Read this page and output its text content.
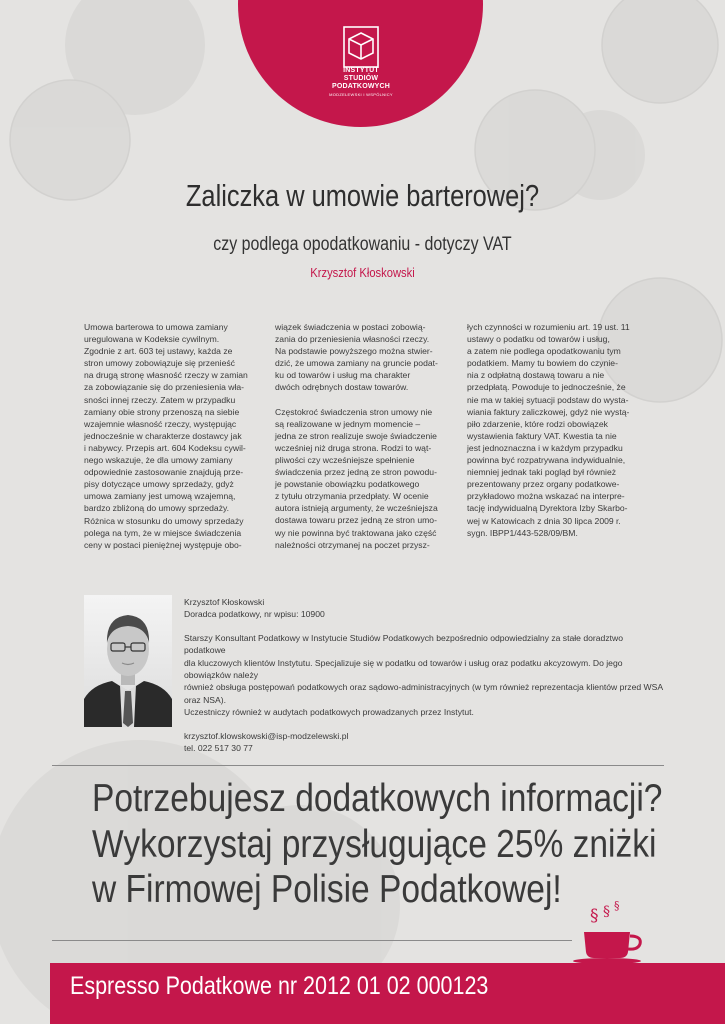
INSTYTUT
STUDIÓW
PODATKOWYCH
MODZELEWSKI I WSPÓLNICY
Zaliczka w umowie barterowej?
czy podlega opodatkowaniu - dotyczy VAT
Krzysztof Kłoskowski

Umowa barterowa to umowa zamiany
uregulowana w Kodeksie cywilnym.
Zgodnie z art. 603 tej ustawy, każda ze
stron umowy zobowiązuje się przenieść
na drugą stronę własność rzeczy w zamian
za zobowiązanie się do przeniesienia wła-
sności innej rzeczy. Zatem w przypadku
zamiany obie strony przenoszą na siebie
wzajemnie własność rzeczy, występując
jednocześnie w charakterze dostawcy jak
i nabywcy. Przepis art. 604 Kodeksu cywil-
nego wskazuje, że dla umowy zamiany
odpowiednie zastosowanie znajdują prze-
pisy dotyczące umowy sprzedaży, gdyż
umowa zamiany jest umową wzajemną,
bardzo zbliżoną do umowy sprzedaży.
Różnica w stosunku do umowy sprzedaży
polega na tym, że w miejsce świadczenia
ceny w postaci pieniężnej występuje obo-

wiązek świadczenia w postaci zobowią-
zania do przeniesienia własności rzeczy.
Na podstawie powyższego można stwier-
dzić, że umowa zamiany na gruncie podat-
ku od towarów i usług ma charakter
dwóch odrębnych dostaw towarów.

Częstokroć świadczenia stron umowy nie
są realizowane w jednym momencie –
jedna ze stron realizuje swoje świadczenie
wcześniej niż druga strona. Rodzi to wąt-
pliwości czy wcześniejsze spełnienie
świadczenia przez jedną ze stron powodu-
je powstanie obowiązku podatkowego
z tytułu otrzymania przedpłaty. W ocenie
autora istnieją argumenty, że wcześniejsza
dostawa towaru przez jedną ze stron umo-
wy nie powinna być traktowana jako część
należności otrzymanej na poczet przysz-

łych czynności w rozumieniu art. 19 ust. 11
ustawy o podatku od towarów i usług,
a zatem nie podlega opodatkowaniu tym
podatkiem. Mamy tu bowiem do czynie-
nia z odpłatną dostawą towaru a nie
przedpłatą. Powoduje to jednocześnie, że
nie ma w takiej sytuacji podstaw do wysta-
wiania faktury zaliczkowej, gdyż nie wystą-
piło zdarzenie, które rodzi obowiązek
wystawienia faktury VAT. Kwestia ta nie
jest jednoznaczna i w każdym przypadku
powinna być rozpatrywana indywidualnie,
niemniej jednak taki pogląd był również
prezentowany przez organy podatkowe-
przykładowo można wskazać na interpre-
tację indywidualną Dyrektora Izby Skarbo-
wej w Katowicach z dnia 30 lipca 2009 r.
sygn. IBPP1/443-528/09/BM.

Krzysztof Kłoskowski
Doradca podatkowy, nr wpisu: 10900
Starszy Konsultant Podatkowy w Instytucie Studiów Podatkowych bezpośrednio odpowiedzialny za stałe doradztwo podatkowe
dla kluczowych klientów Instytutu. Specjalizuje się w podatku od towarów i usług oraz podatku akcyzowym. Do jego obowiązków należy
również obsługa postępowań podatkowych oraz sądowo-administracyjnych (w tym również reprezentacja klientów przed WSA oraz NSA).
Uczestniczy również w audytach podatkowych prowadzanych przez Instytut.
krzysztof.klowskowski@isp-modzelewski.pl
tel. 022 517 30 77
Potrzebujesz dodatkowych informacji?
Wykorzystaj przysługujące 25% zniżki
w Firmowej Polisie Podatkowej!
§ § §
Espresso Podatkowe nr 2012 01 02 000123
